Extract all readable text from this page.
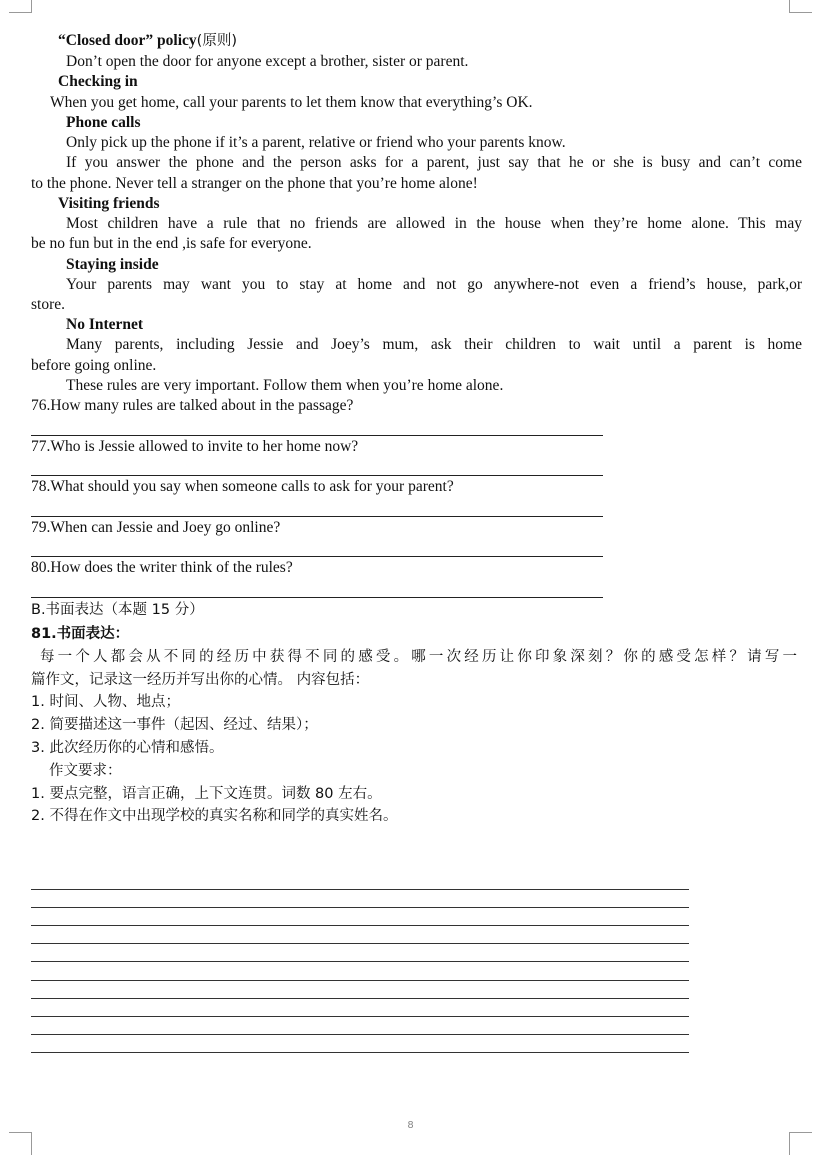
“Closed door” policy(原则)
Don’t open the door for anyone except a brother, sister or parent.
Checking in
When you get home, call your parents to let them know that everything’s OK.
Phone calls
Only pick up the phone if it’s a parent, relative or friend who your parents know.
If you answer the phone and the person asks for a parent, just say that he or she is busy and can’t come
to the phone. Never tell a stranger on the phone that you’re home alone!
Visiting friends
Most children have a rule that no friends are allowed in the house when they’re home alone. This may
be no fun but in the end ,is safe for everyone.
Staying inside
Your parents may want you to stay at home and not go anywhere-not even a friend’s house, park,or
store.
No Internet
Many parents, including Jessie and Joey’s mum, ask their children to wait until a parent is home
before going online.
These rules are very important. Follow them when you’re home alone.
76.How many rules are talked about in the passage?
77.Who is Jessie allowed to invite to her home now?
78.What should you say when someone calls to ask for your parent?
79.When can Jessie and Joey go online?
80.How does the writer think of the rules?
B.书面表达（本题 15 分）
81.书面表达：
每一个人都会从不同的经历中获得不同的感受。哪一次经历让你印象深刻？你的感受怎样？请写一
篇作文，记录这一经历并写出你的心情。 内容包括：
1. 时间、人物、地点；
2. 简要描述这一事件（起因、经过、结果）；
3. 此次经历你的心情和感悟。
作文要求：
1. 要点完整，语言正确，上下文连贯。词数 80 左右。
2. 不得在作文中出现学校的真实名称和同学的真实姓名。
8
